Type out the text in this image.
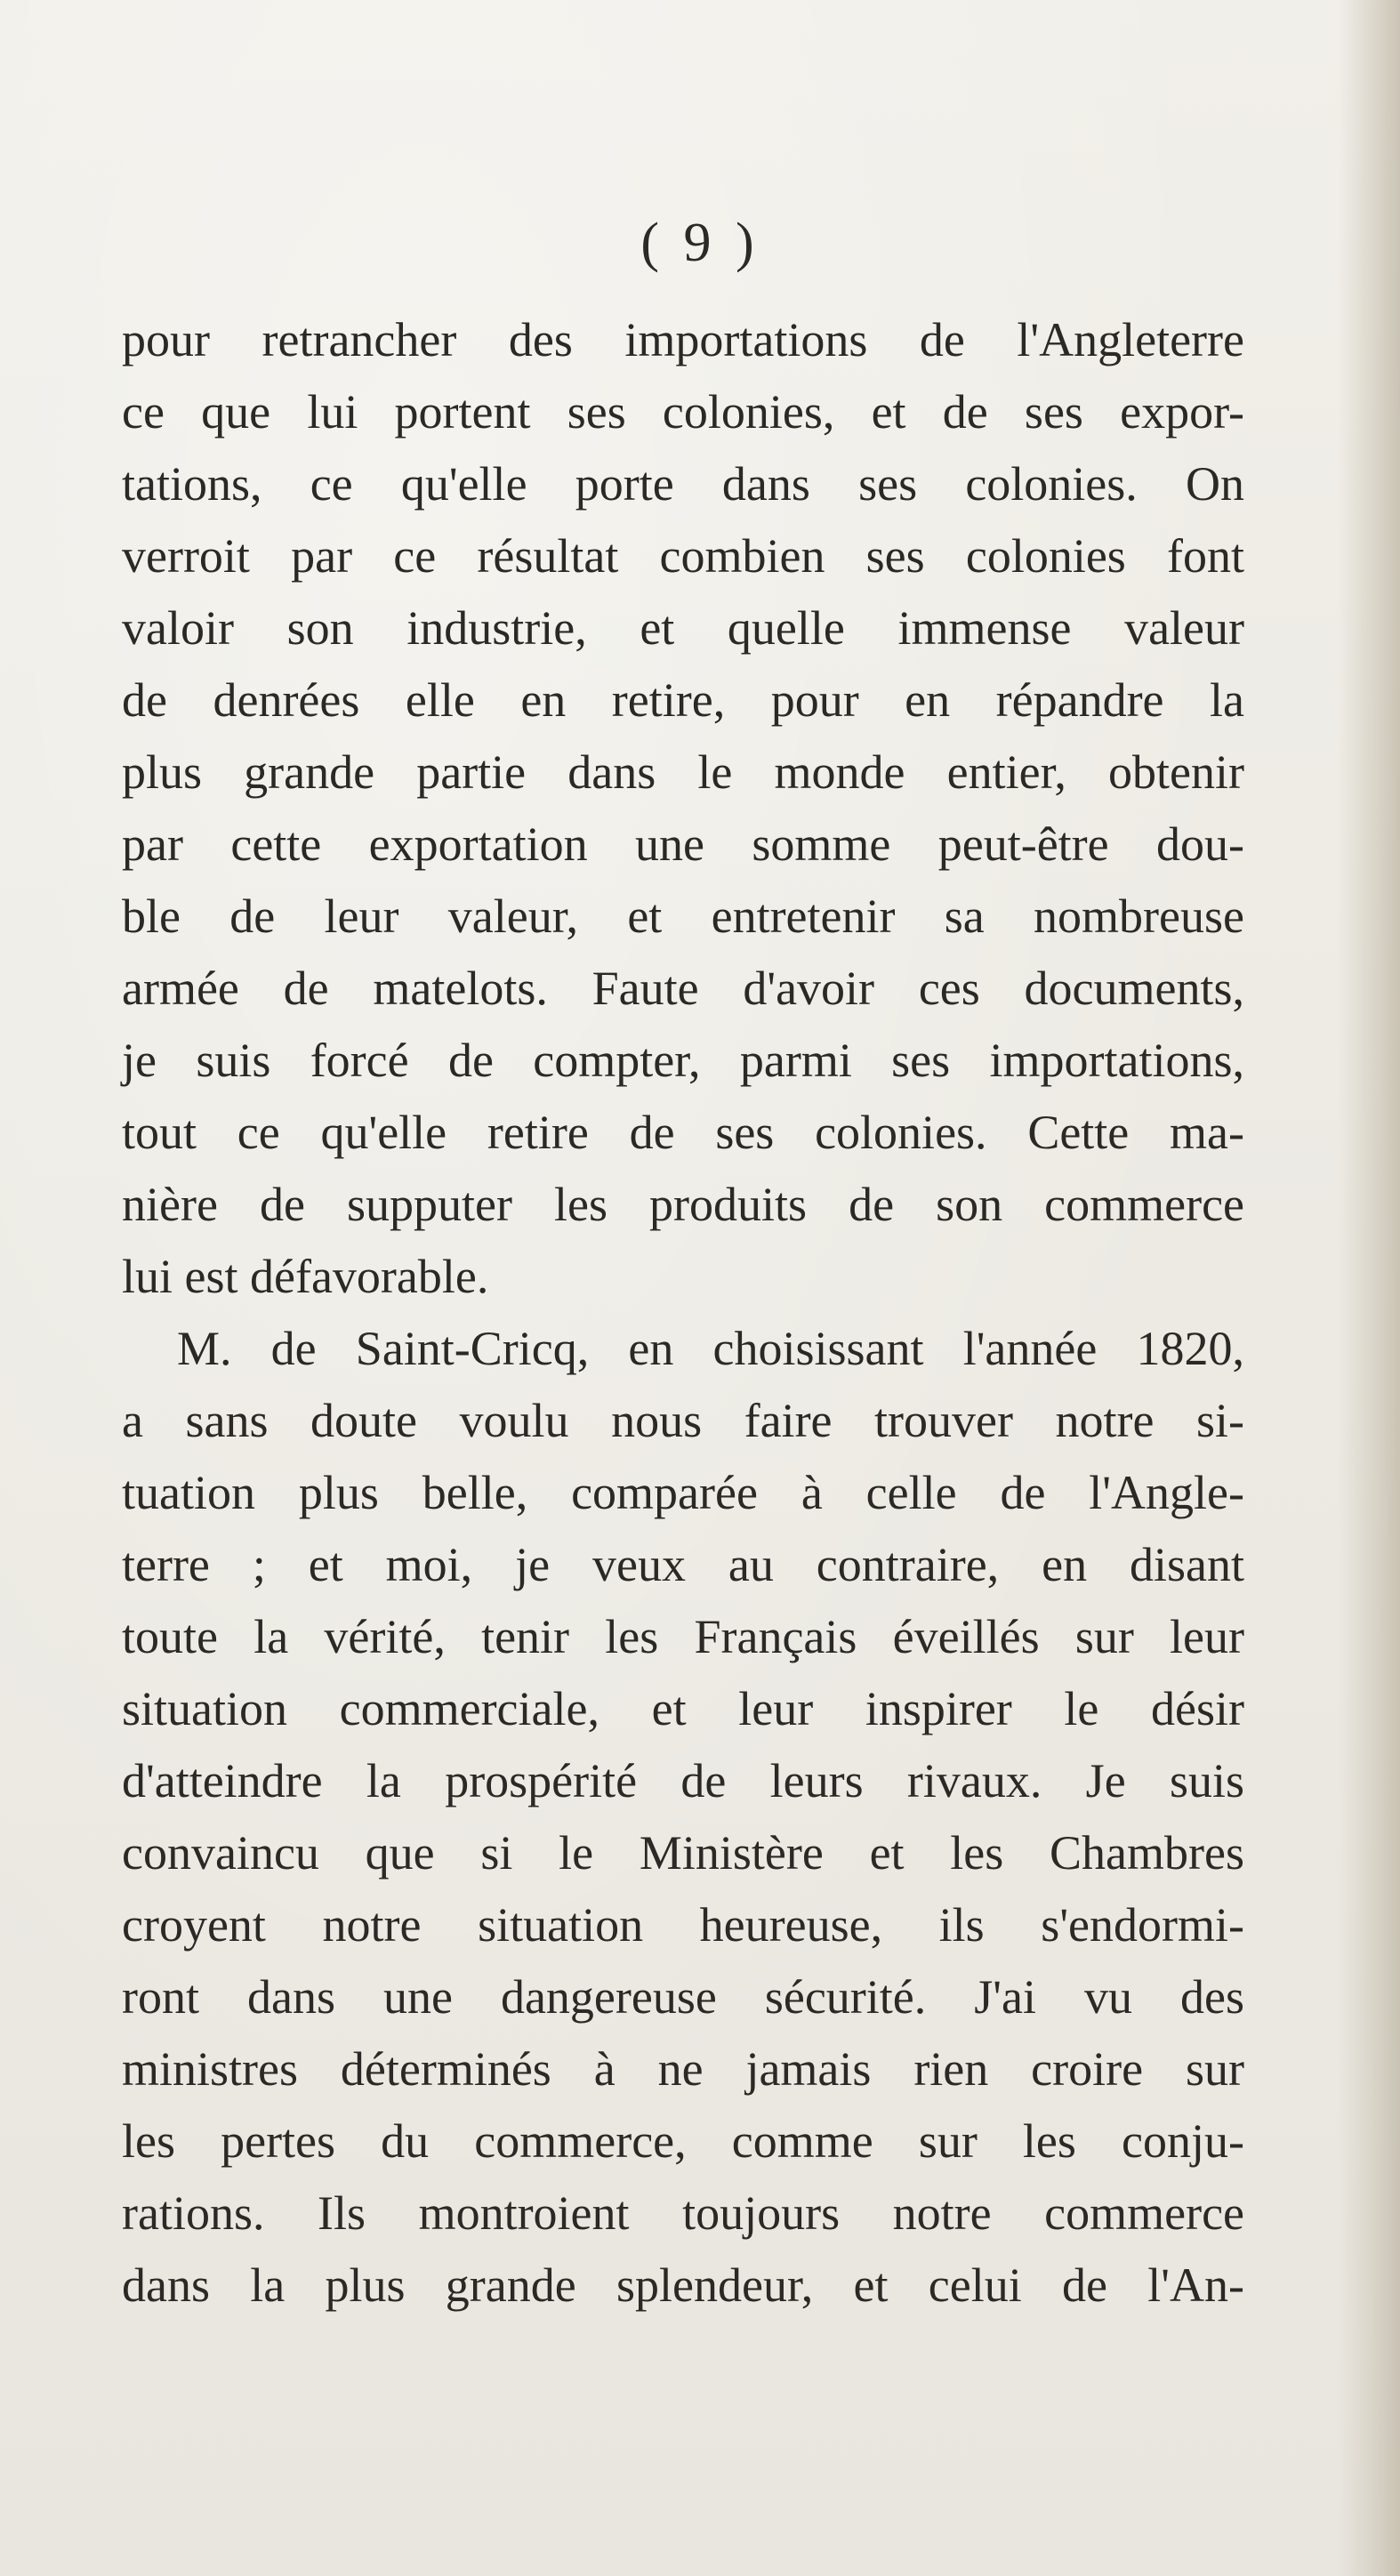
( 9 )

pour retrancher des importations de l'Angleterre
ce que lui portent ses colonies, et de ses expor-
tations, ce qu'elle porte dans ses colonies. On
verroit par ce résultat combien ses colonies font
valoir son industrie, et quelle immense valeur
de denrées elle en retire, pour en répandre la
plus grande partie dans le monde entier, obtenir
par cette exportation une somme peut-être dou-
ble de leur valeur, et entretenir sa nombreuse
armée de matelots. Faute d'avoir ces documents,
je suis forcé de compter, parmi ses importations,
tout ce qu'elle retire de ses colonies. Cette ma-
nière de supputer les produits de son commerce
lui est défavorable.
M. de Saint-Cricq, en choisissant l'année 1820,
a sans doute voulu nous faire trouver notre si-
tuation plus belle, comparée à celle de l'Angle-
terre ; et moi, je veux au contraire, en disant
toute la vérité, tenir les Français éveillés sur leur
situation commerciale, et leur inspirer le désir
d'atteindre la prospérité de leurs rivaux. Je suis
convaincu que si le Ministère et les Chambres
croyent notre situation heureuse, ils s'endormi-
ront dans une dangereuse sécurité. J'ai vu des
ministres déterminés à ne jamais rien croire sur
les pertes du commerce, comme sur les conju-
rations. Ils montroient toujours notre commerce
dans la plus grande splendeur, et celui de l'An-
